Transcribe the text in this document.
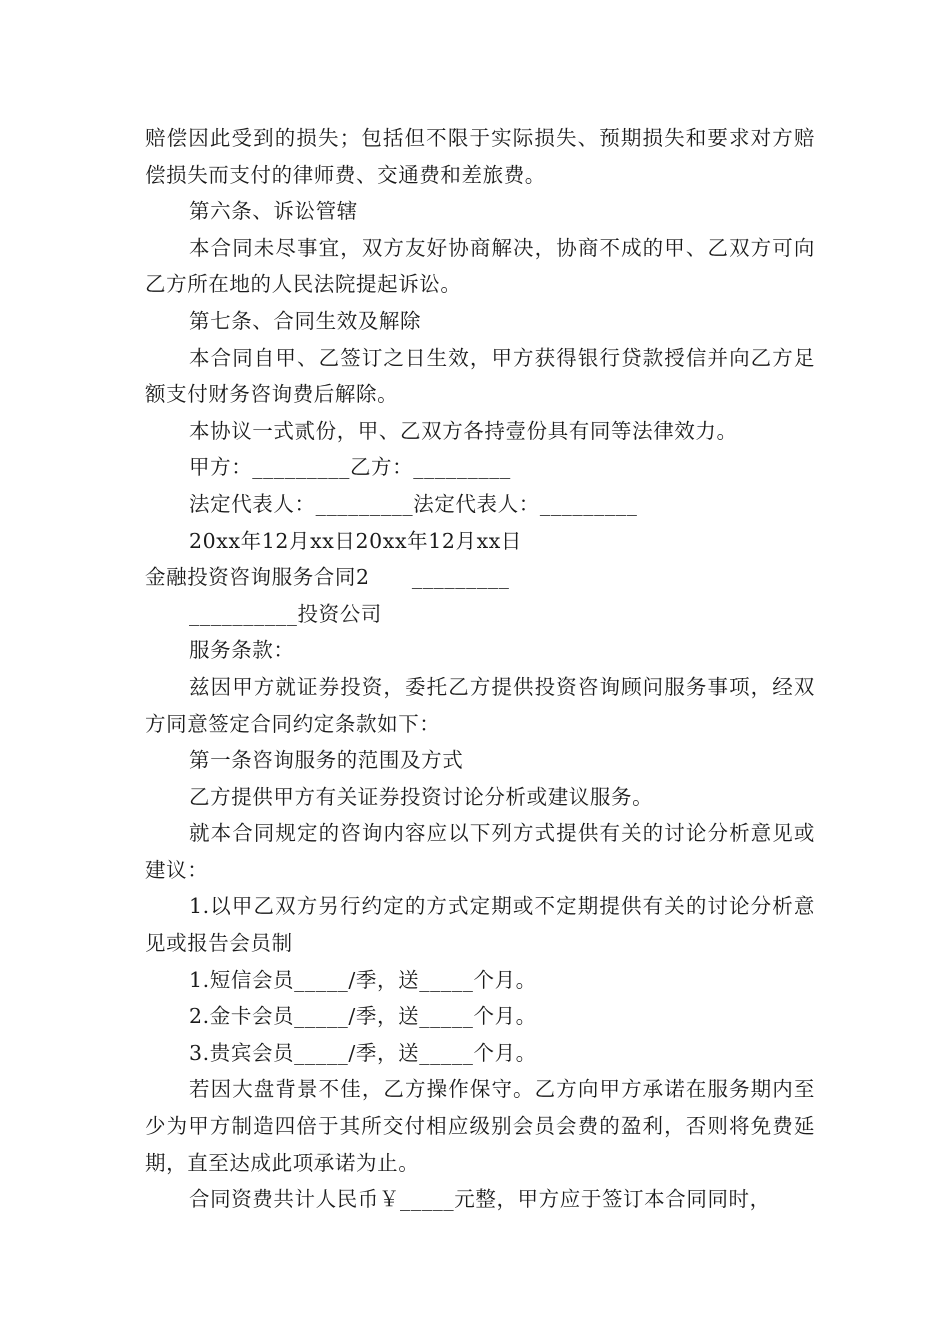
赔偿因此受到的损失；包括但不限于实际损失、预期损失和要求对方赔偿损失而支付的律师费、交通费和差旅费。

第六条、诉讼管辖

本合同未尽事宜，双方友好协商解决，协商不成的甲、乙双方可向乙方所在地的人民法院提起诉讼。

第七条、合同生效及解除

本合同自甲、乙签订之日生效，甲方获得银行贷款授信并向乙方足额支付财务咨询费后解除。

本协议一式贰份，甲、乙双方各持壹份具有同等法律效力。

甲方：_________乙方：_________

法定代表人：_________法定代表人：_________

20xx年12月xx日20xx年12月xx日

金融投资咨询服务合同2　　_________

__________投资公司

服务条款：

兹因甲方就证券投资，委托乙方提供投资咨询顾问服务事项，经双方同意签定合同约定条款如下：

第一条咨询服务的范围及方式

乙方提供甲方有关证券投资讨论分析或建议服务。

就本合同规定的咨询内容应以下列方式提供有关的讨论分析意见或建议：

1.以甲乙双方另行约定的方式定期或不定期提供有关的讨论分析意见或报告会员制

1.短信会员_____/季，送_____个月。

2.金卡会员_____/季，送_____个月。

3.贵宾会员_____/季，送_____个月。

若因大盘背景不佳，乙方操作保守。乙方向甲方承诺在服务期内至少为甲方制造四倍于其所交付相应级别会员会费的盈利，否则将免费延期，直至达成此项承诺为止。

合同资费共计人民币￥_____元整，甲方应于签订本合同同时，
